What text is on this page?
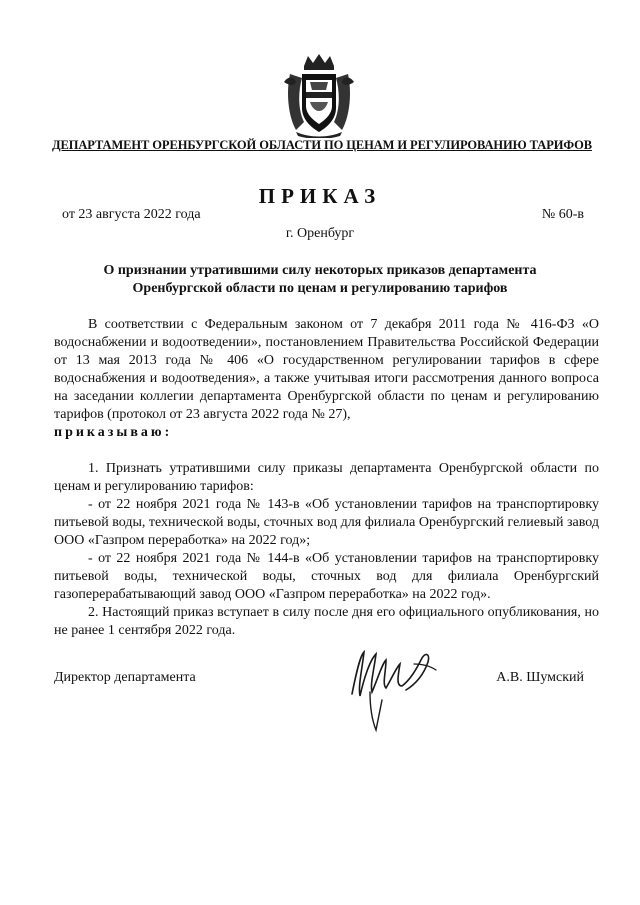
ДЕПАРТАМЕНТ ОРЕНБУРГСКОЙ ОБЛАСТИ ПО ЦЕНАМ И РЕГУЛИРОВАНИЮ ТАРИФОВ
ПРИКАЗ
от 23 августа 2022 года	№ 60-в
г. Оренбург
О признании утратившими силу некоторых приказов департамента
Оренбургской области по ценам и регулированию тарифов

В соответствии с Федеральным законом от 7 декабря 2011 года № 416-ФЗ «О водоснабжении и водоотведении», постановлением Правительства Российской Федерации от 13 мая 2013 года № 406 «О государственном регулировании тарифов в сфере водоснабжения и водоотведения», а также учитывая итоги рассмотрения данного вопроса на заседании коллегии департамента Оренбургской области по ценам и регулированию тарифов (протокол от 23 августа 2022 года № 27),

приказываю:

1. Признать утратившими силу приказы департамента Оренбургской области по ценам и регулированию тарифов:

- от 22 ноября 2021 года № 143-в «Об установлении тарифов на транспортировку питьевой воды, технической воды, сточных вод для филиала Оренбургский гелиевый завод ООО «Газпром переработка» на 2022 год»;

- от 22 ноября 2021 года № 144-в «Об установлении тарифов на транспортировку питьевой воды, технической воды, сточных вод для филиала Оренбургский газоперерабатывающий завод ООО «Газпром переработка» на 2022 год».

2. Настоящий приказ вступает в силу после дня его официального опубликования, но не ранее 1 сентября 2022 года.

Директор департамента	А.В. Шумский
